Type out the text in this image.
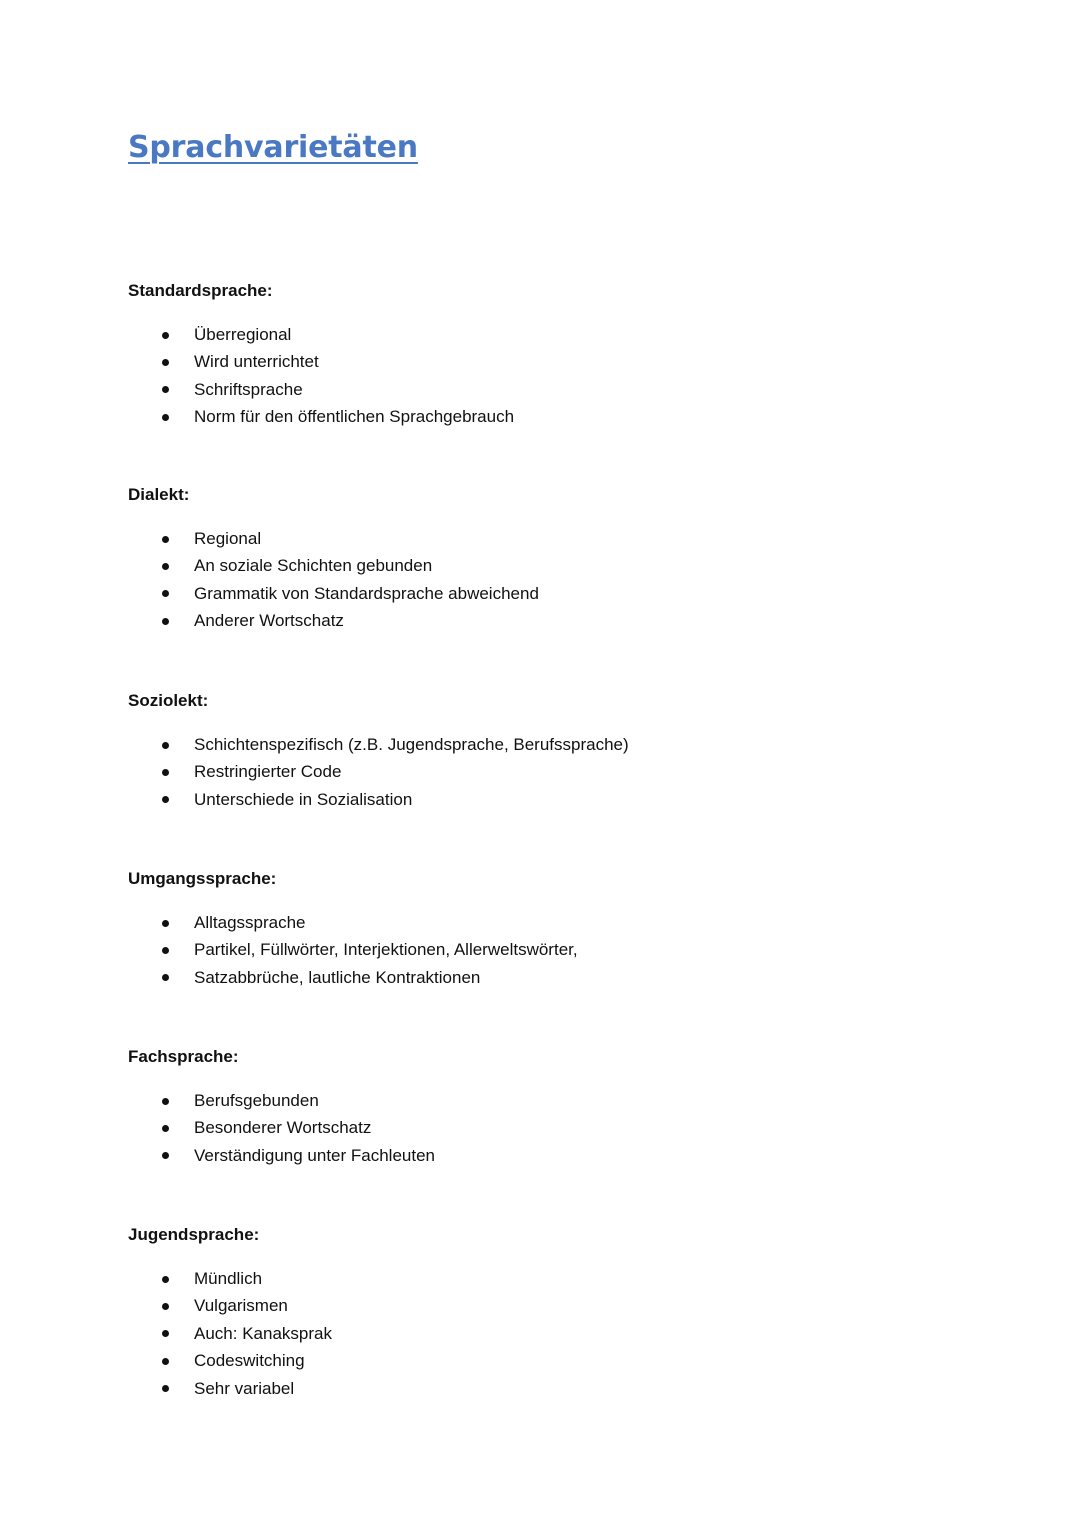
Sprachvarietäten
Standardsprache:
Überregional
Wird unterrichtet
Schriftsprache
Norm für den öffentlichen Sprachgebrauch
Dialekt:
Regional
An soziale Schichten gebunden
Grammatik von Standardsprache abweichend
Anderer Wortschatz
Soziolekt:
Schichtenspezifisch (z.B. Jugendsprache, Berufssprache)
Restringierter Code
Unterschiede in Sozialisation
Umgangssprache:
Alltagssprache
Partikel, Füllwörter, Interjektionen, Allerweltswörter,
Satzabbrüche, lautliche Kontraktionen
Fachsprache:
Berufsgebunden
Besonderer Wortschatz
Verständigung unter Fachleuten
Jugendsprache:
Mündlich
Vulgarismen
Auch: Kanaksprak
Codeswitching
Sehr variabel
